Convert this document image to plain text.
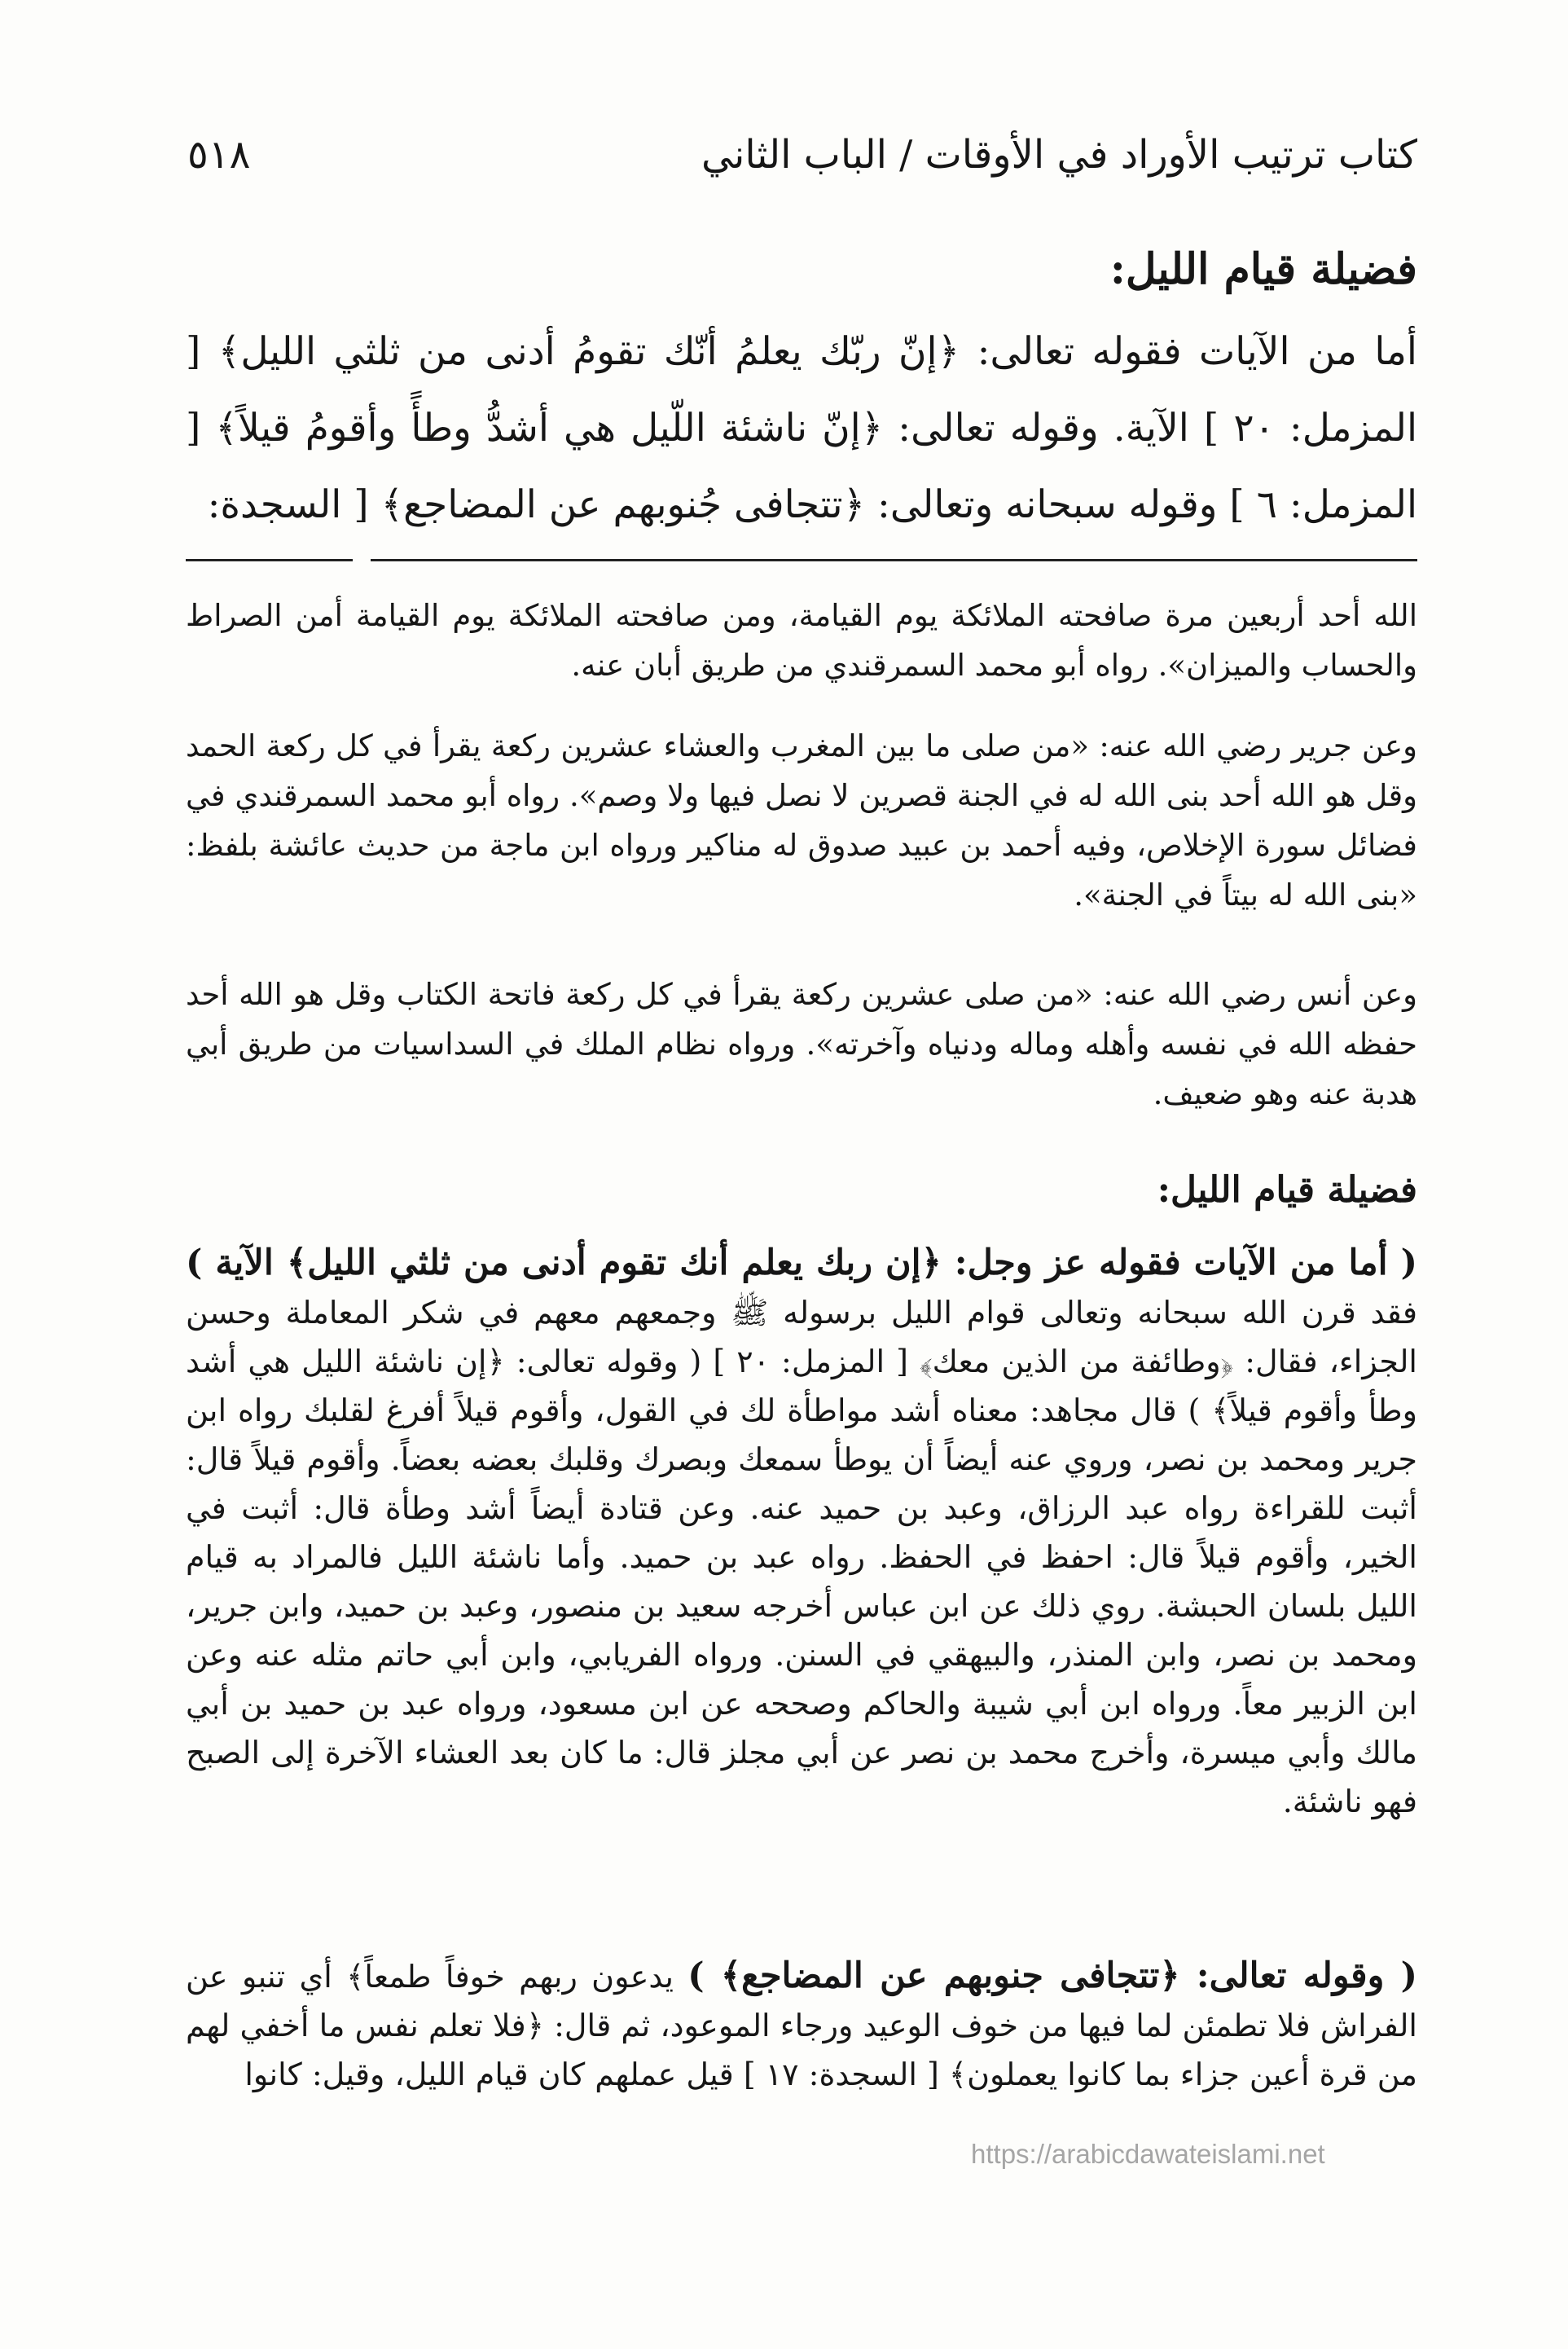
كتاب ترتيب الأوراد في الأوقات / الباب الثاني
٥١٨
فضيلة قيام الليل:

أما من الآيات فقوله تعالى: ﴿إنّ ربّك يعلمُ أنّك تقومُ أدنى من ثلثي الليل﴾ [ المزمل: ٢٠ ] الآية. وقوله تعالى: ﴿إنّ ناشئة اللّيل هي أشدُّ وطأً وأقومُ قيلاً﴾ [ المزمل: ٦ ] وقوله سبحانه وتعالى: ﴿تتجافى جُنوبهم عن المضاجع﴾ [ السجدة:

الله أحد أربعين مرة صافحته الملائكة يوم القيامة، ومن صافحته الملائكة يوم القيامة أمن الصراط والحساب والميزان». رواه أبو محمد السمرقندي من طريق أبان عنه.

وعن جرير رضي الله عنه: «من صلى ما بين المغرب والعشاء عشرين ركعة يقرأ في كل ركعة الحمد وقل هو الله أحد بنى الله له في الجنة قصرين لا نصل فيها ولا وصم». رواه أبو محمد السمرقندي في فضائل سورة الإخلاص، وفيه أحمد بن عبيد صدوق له مناكير ورواه ابن ماجة من حديث عائشة بلفظ: «بنى الله له بيتاً في الجنة».

وعن أنس رضي الله عنه: «من صلى عشرين ركعة يقرأ في كل ركعة فاتحة الكتاب وقل هو الله أحد حفظه الله في نفسه وأهله وماله ودنياه وآخرته». ورواه نظام الملك في السداسيات من طريق أبي هدبة عنه وهو ضعيف.

فضيلة قيام الليل:

( أما من الآيات فقوله عز وجل: ﴿إن ربك يعلم أنك تقوم أدنى من ثلثي الليل﴾ الآية ) فقد قرن الله سبحانه وتعالى قوام الليل برسوله ﷺ وجمعهم معهم في شكر المعاملة وحسن الجزاء، فقال: ﴿وطائفة من الذين معك﴾ [ المزمل: ٢٠ ] ( وقوله تعالى: ﴿إن ناشئة الليل هي أشد وطأ وأقوم قيلاً﴾ ) قال مجاهد: معناه أشد مواطأة لك في القول، وأقوم قيلاً أفرغ لقلبك رواه ابن جرير ومحمد بن نصر، وروي عنه أيضاً أن يوطأ سمعك وبصرك وقلبك بعضه بعضاً. وأقوم قيلاً قال: أثبت للقراءة رواه عبد الرزاق، وعبد بن حميد عنه. وعن قتادة أيضاً أشد وطأة قال: أثبت في الخير، وأقوم قيلاً قال: احفظ في الحفظ. رواه عبد بن حميد. وأما ناشئة الليل فالمراد به قيام الليل بلسان الحبشة. روي ذلك عن ابن عباس أخرجه سعيد بن منصور، وعبد بن حميد، وابن جرير، ومحمد بن نصر، وابن المنذر، والبيهقي في السنن. ورواه الفريابي، وابن أبي حاتم مثله عنه وعن ابن الزبير معاً. ورواه ابن أبي شيبة والحاكم وصححه عن ابن مسعود، ورواه عبد بن حميد بن أبي مالك وأبي ميسرة، وأخرج محمد بن نصر عن أبي مجلز قال: ما كان بعد العشاء الآخرة إلى الصبح فهو ناشئة.

( وقوله تعالى: ﴿تتجافى جنوبهم عن المضاجع﴾ ) يدعون ربهم خوفاً طمعاً﴾ أي تنبو عن الفراش فلا تطمئن لما فيها من خوف الوعيد ورجاء الموعود، ثم قال: ﴿فلا تعلم نفس ما أخفي لهم من قرة أعين جزاء بما كانوا يعملون﴾ [ السجدة: ١٧ ] قيل عملهم كان قيام الليل، وقيل: كانوا

https://arabicdawateislami.net
